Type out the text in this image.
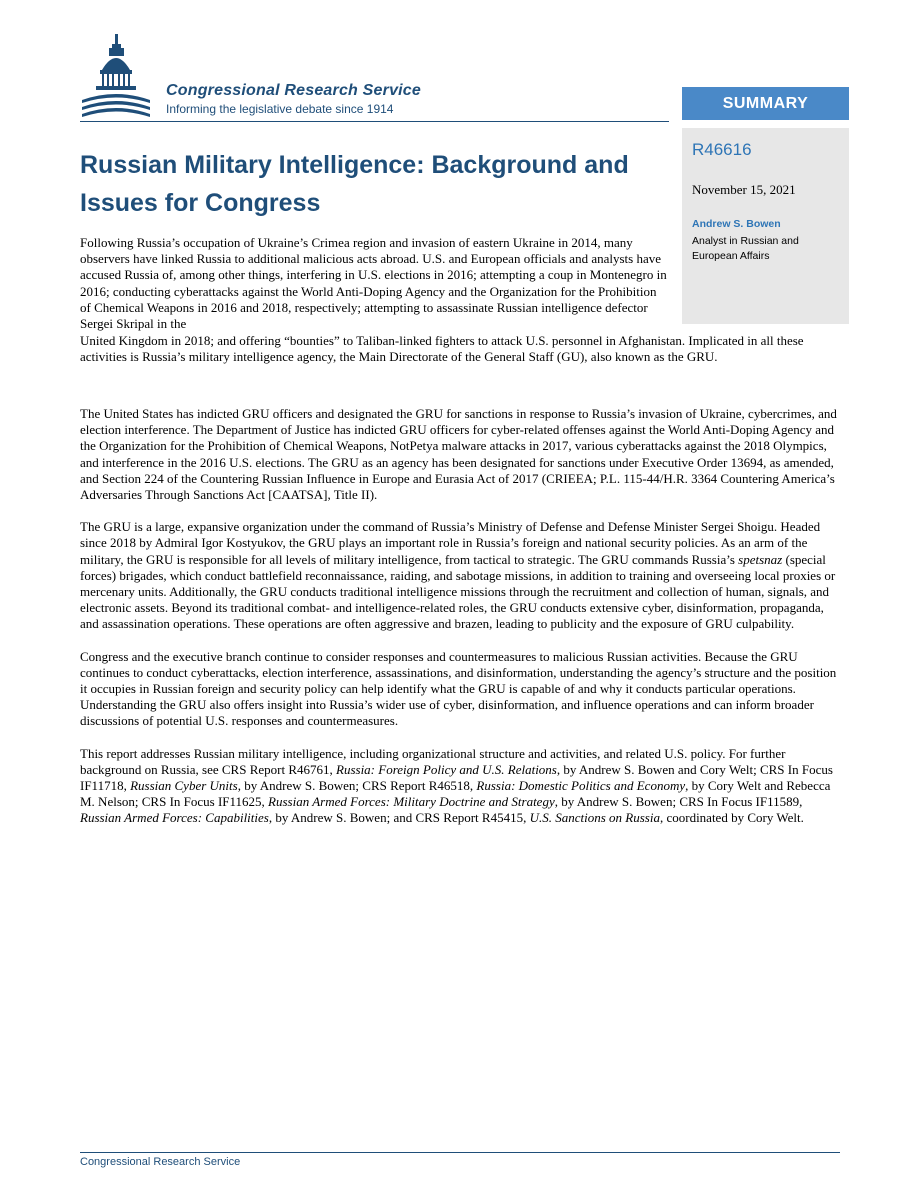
Congressional Research Service
Informing the legislative debate since 1914	SUMMARY
R46616
November 15, 2021
Andrew S. Bowen
Analyst in Russian and European Affairs
Russian Military Intelligence: Background and Issues for Congress

Following Russia’s occupation of Ukraine’s Crimea region and invasion of eastern Ukraine in 2014, many observers have linked Russia to additional malicious acts abroad. U.S. and European officials and analysts have accused Russia of, among other things, interfering in U.S. elections in 2016; attempting a coup in Montenegro in 2016; conducting cyberattacks against the World Anti-Doping Agency and the Organization for the Prohibition of Chemical Weapons in 2016 and 2018, respectively; attempting to assassinate Russian intelligence defector Sergei Skripal in the

United Kingdom in 2018; and offering “bounties” to Taliban-linked fighters to attack U.S. personnel in Afghanistan. Implicated in all these activities is Russia’s military intelligence agency, the Main Directorate of the General Staff (GU), also known as the GRU.

The United States has indicted GRU officers and designated the GRU for sanctions in response to Russia’s invasion of Ukraine, cybercrimes, and election interference. The Department of Justice has indicted GRU officers for cyber-related offenses against the World Anti-Doping Agency and the Organization for the Prohibition of Chemical Weapons, NotPetya malware attacks in 2017, various cyberattacks against the 2018 Olympics, and interference in the 2016 U.S. elections. The GRU as an agency has been designated for sanctions under Executive Order 13694, as amended, and Section 224 of the Countering Russian Influence in Europe and Eurasia Act of 2017 (CRIEEA; P.L. 115-44/H.R. 3364 Countering America’s Adversaries Through Sanctions Act [CAATSA], Title II).

The GRU is a large, expansive organization under the command of Russia’s Ministry of Defense and Defense Minister Sergei Shoigu. Headed since 2018 by Admiral Igor Kostyukov, the GRU plays an important role in Russia’s foreign and national security policies. As an arm of the military, the GRU is responsible for all levels of military intelligence, from tactical to strategic. The GRU commands Russia’s spetsnaz (special forces) brigades, which conduct battlefield reconnaissance, raiding, and sabotage missions, in addition to training and overseeing local proxies or mercenary units. Additionally, the GRU conducts traditional intelligence missions through the recruitment and collection of human, signals, and electronic assets. Beyond its traditional combat- and intelligence-related roles, the GRU conducts extensive cyber, disinformation, propaganda, and assassination operations. These operations are often aggressive and brazen, leading to publicity and the exposure of GRU culpability.

Congress and the executive branch continue to consider responses and countermeasures to malicious Russian activities. Because the GRU continues to conduct cyberattacks, election interference, assassinations, and disinformation, understanding the agency’s structure and the position it occupies in Russian foreign and security policy can help identify what the GRU is capable of and why it conducts particular operations. Understanding the GRU also offers insight into Russia’s wider use of cyber, disinformation, and influence operations and can inform broader discussions of potential U.S. responses and countermeasures.

This report addresses Russian military intelligence, including organizational structure and activities, and related U.S. policy. For further background on Russia, see CRS Report R46761, Russia: Foreign Policy and U.S. Relations, by Andrew S. Bowen and Cory Welt; CRS In Focus IF11718, Russian Cyber Units, by Andrew S. Bowen; CRS Report R46518, Russia: Domestic Politics and Economy, by Cory Welt and Rebecca M. Nelson; CRS In Focus IF11625, Russian Armed Forces: Military Doctrine and Strategy, by Andrew S. Bowen; CRS In Focus IF11589, Russian Armed Forces: Capabilities, by Andrew S. Bowen; and CRS Report R45415, U.S. Sanctions on Russia, coordinated by Cory Welt.

Congressional Research Service
